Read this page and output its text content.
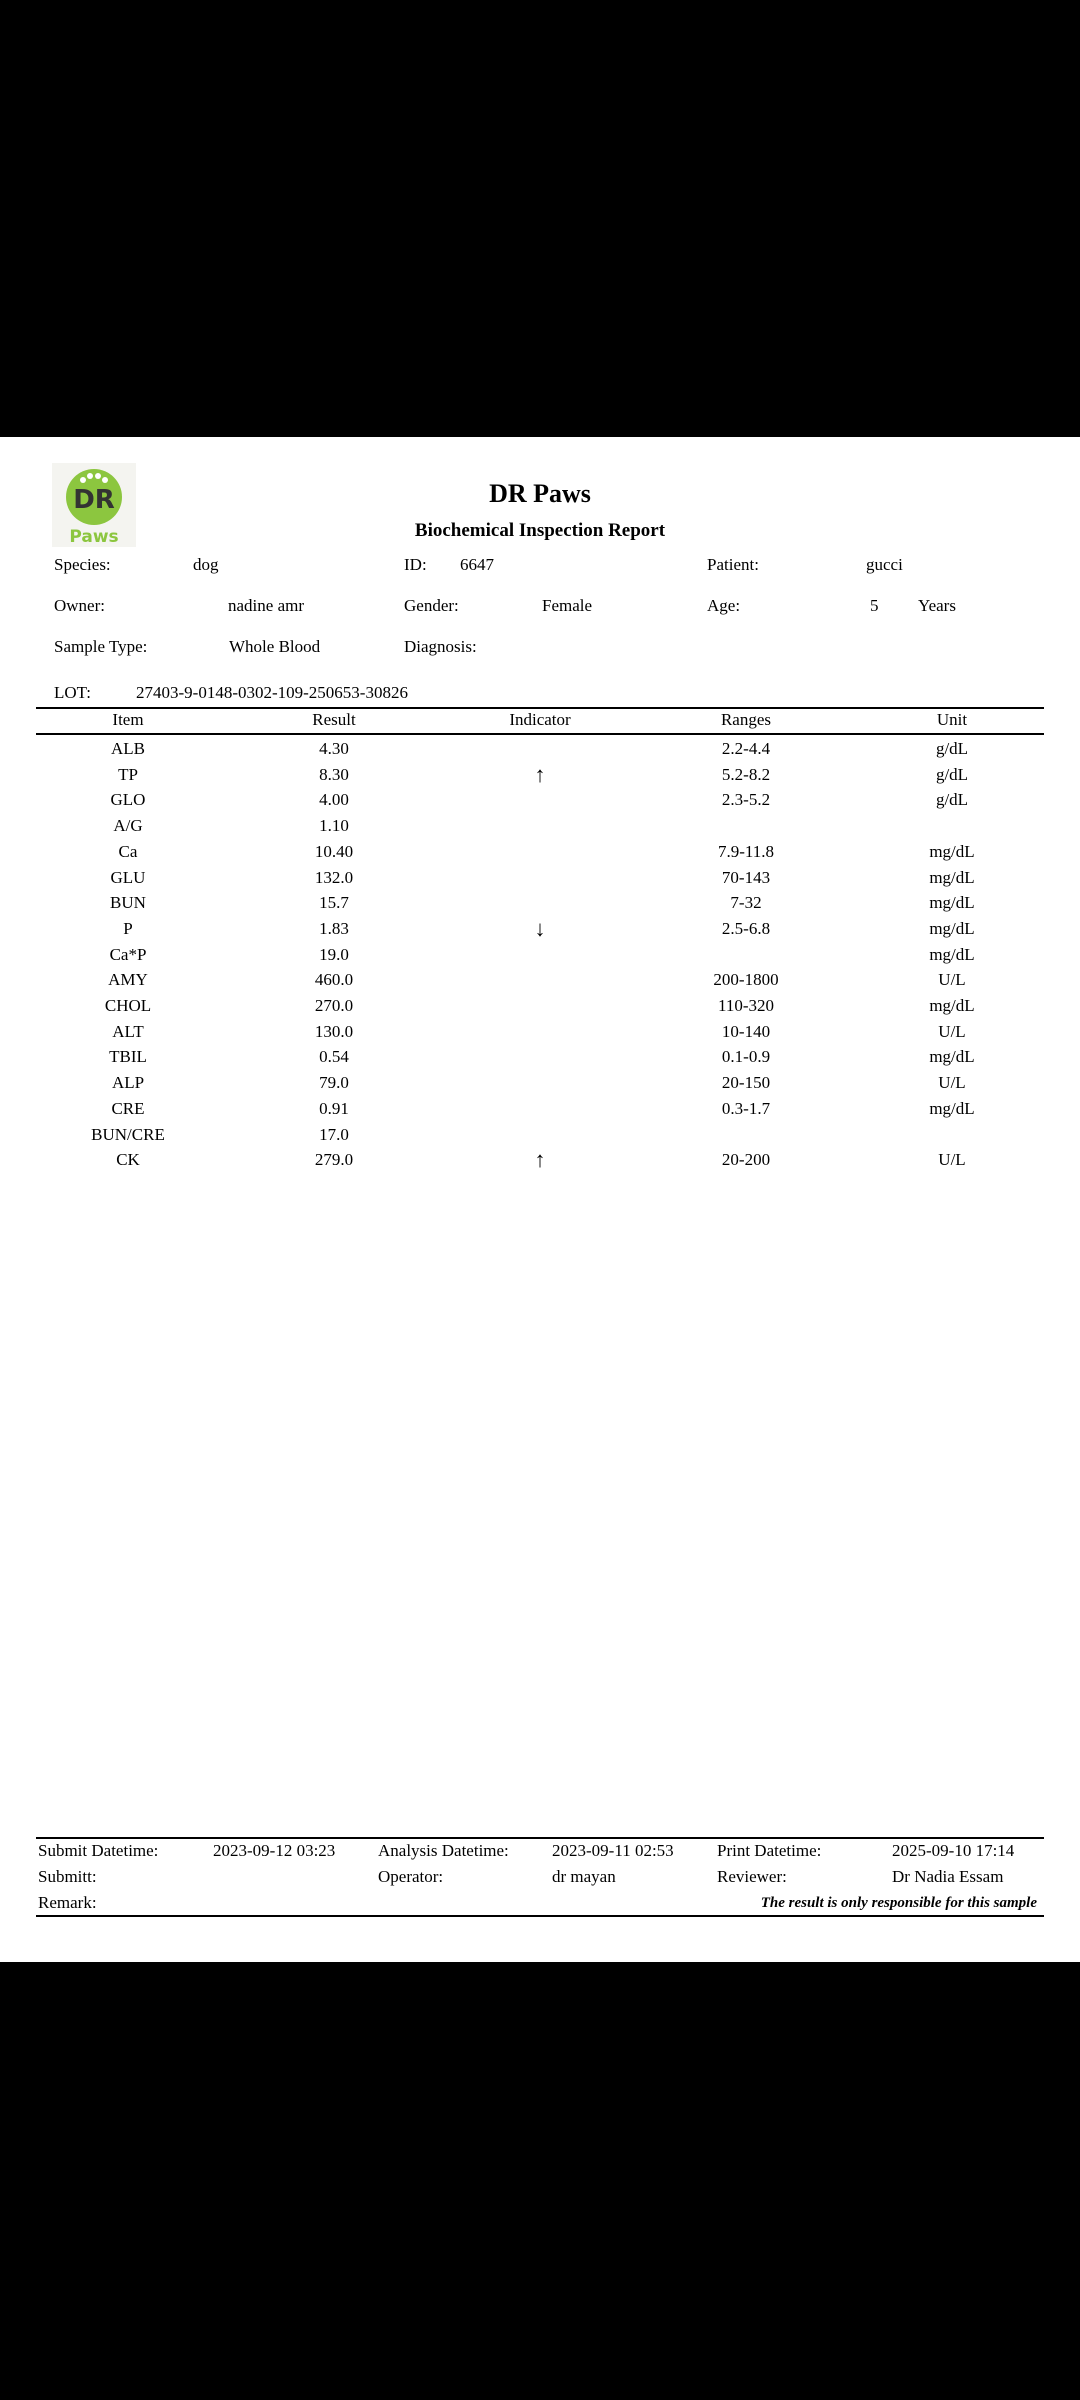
DR
Paws
DR Paws
Biochemical Inspection Report
Species:	dog	ID: 6647	Patient:	gucci
Owner:	nadine amr	Gender:	Female	Age:	5 Years
Sample Type:	Whole Blood	Diagnosis:
LOT:	27403-9-0148-0302-109-250653-30826
Item	Result	Indicator	Ranges	Unit
ALB	4.30		2.2-4.4	g/dL
TP	8.30	↑	5.2-8.2	g/dL
GLO	4.00		2.3-5.2	g/dL
A/G	1.10			
Ca	10.40		7.9-11.8	mg/dL
GLU	132.0		70-143	mg/dL
BUN	15.7		7-32	mg/dL
P	1.83	↓	2.5-6.8	mg/dL
Ca*P	19.0			mg/dL
AMY	460.0		200-1800	U/L
CHOL	270.0		110-320	mg/dL
ALT	130.0		10-140	U/L
TBIL	0.54		0.1-0.9	mg/dL
ALP	79.0		20-150	U/L
CRE	0.91		0.3-1.7	mg/dL
BUN/CRE	17.0			
CK	279.0	↑	20-200	U/L
Submit Datetime:	2023-09-12 03:23	Analysis Datetime:	2023-09-11 02:53	Print Datetime:	2025-09-10 17:14
Submitt:	Operator:	dr mayan	Reviewer:	Dr Nadia Essam
Remark:	The result is only responsible for this sample
